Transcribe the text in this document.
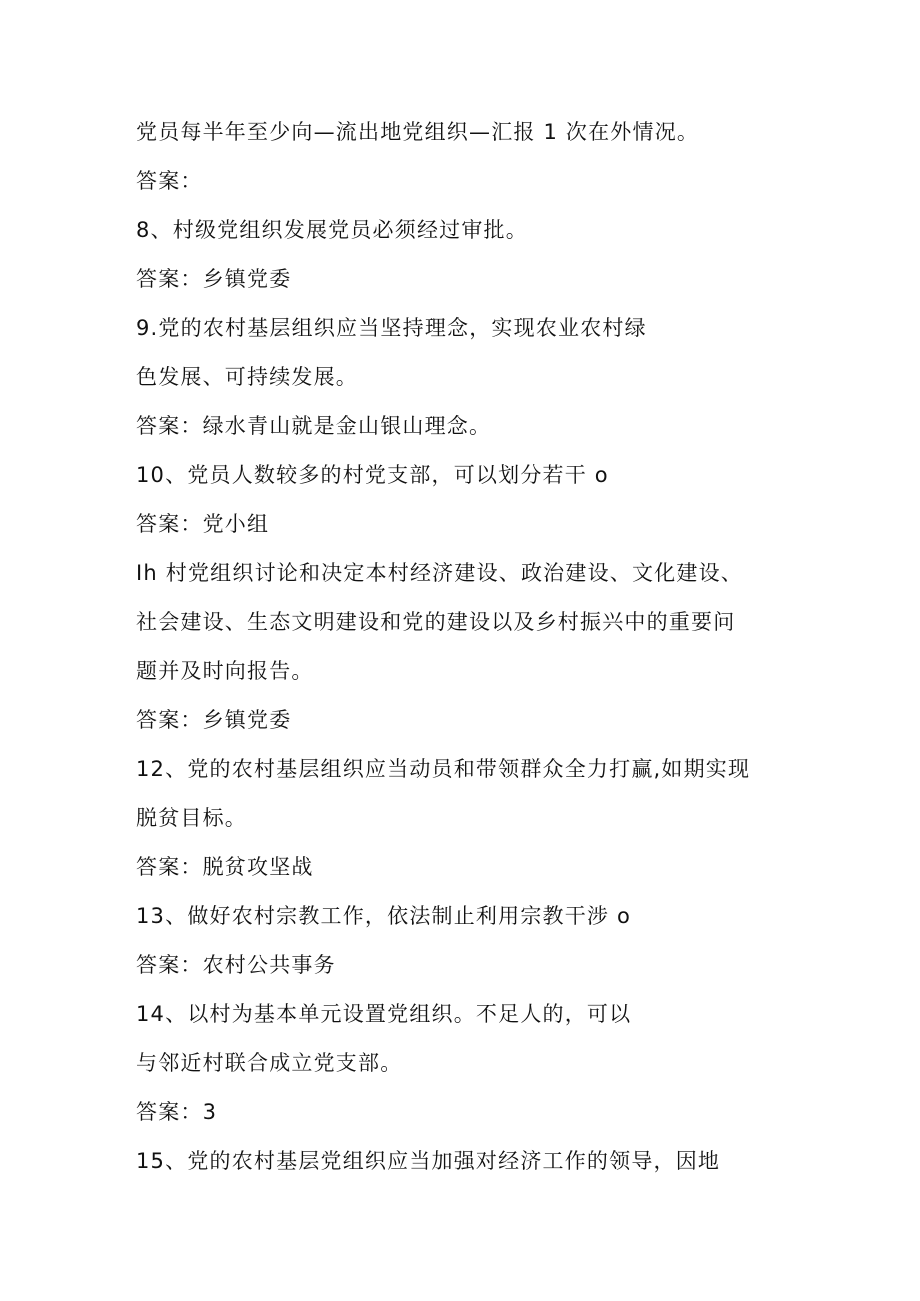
党员每半年至少向—流出地党组织—汇报 1 次在外情况。
答案：
8、村级党组织发展党员必须经过审批。
答案：乡镇党委
9.党的农村基层组织应当坚持理念，实现农业农村绿
色发展、可持续发展。
答案：绿水青山就是金山银山理念。
10、党员人数较多的村党支部，可以划分若干 o
答案：党小组
Ih 村党组织讨论和决定本村经济建设、政治建设、文化建设、
社会建设、生态文明建设和党的建设以及乡村振兴中的重要问
题并及时向报告。
答案：乡镇党委
12、党的农村基层组织应当动员和带领群众全力打赢,如期实现
脱贫目标。
答案：脱贫攻坚战
13、做好农村宗教工作，依法制止利用宗教干涉 o
答案：农村公共事务
14、以村为基本单元设置党组织。不足人的，可以
与邻近村联合成立党支部。
答案：3
15、党的农村基层党组织应当加强对经济工作的领导，因地
